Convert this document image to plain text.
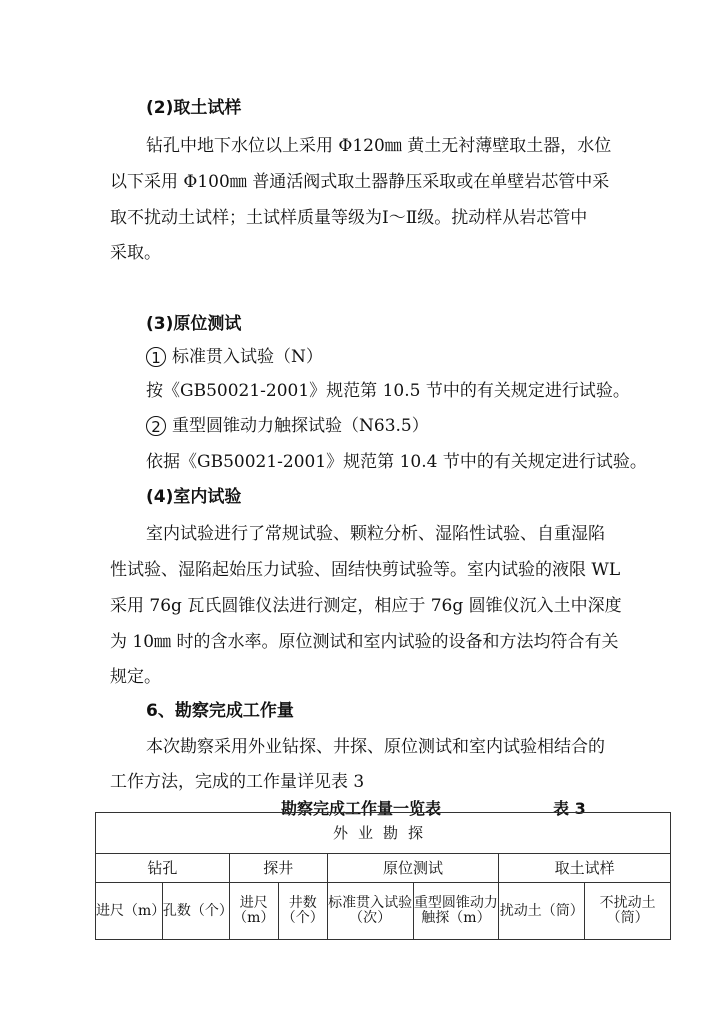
(2)取土试样
钻孔中地下水位以上采用 Φ120㎜ 黄土无衬薄壁取土器，水位
以下采用 Φ100㎜ 普通活阀式取土器静压采取或在单壁岩芯管中采
取不扰动土试样；土试样质量等级为Ⅰ～Ⅱ级。扰动样从岩芯管中
采取。
(3)原位测试
1 标准贯入试验（N）
按《GB50021-2001》规范第 10.5 节中的有关规定进行试验。
2 重型圆锥动力触探试验（N63.5）
依据《GB50021-2001》规范第 10.4 节中的有关规定进行试验。
(4)室内试验
室内试验进行了常规试验、颗粒分析、湿陷性试验、自重湿陷
性试验、湿陷起始压力试验、固结快剪试验等。室内试验的液限 WL
采用 76g 瓦氏圆锥仪法进行测定，相应于 76g 圆锥仪沉入土中深度
为 10㎜ 时的含水率。原位测试和室内试验的设备和方法均符合有关
规定。
6、勘察完成工作量
本次勘察采用外业钻探、井探、原位测试和室内试验相结合的
工作方法，完成的工作量详见表 3
勘察完成工作量一览表	表 3
外业勘探							
钻孔		探井		原位测试		取土试样	
进尺（m）	孔数（个）	进尺（m）	井数（个）	标准贯入试验（次）	重型圆锥动力触探（m）	扰动土（筒）	不扰动土（筒）
